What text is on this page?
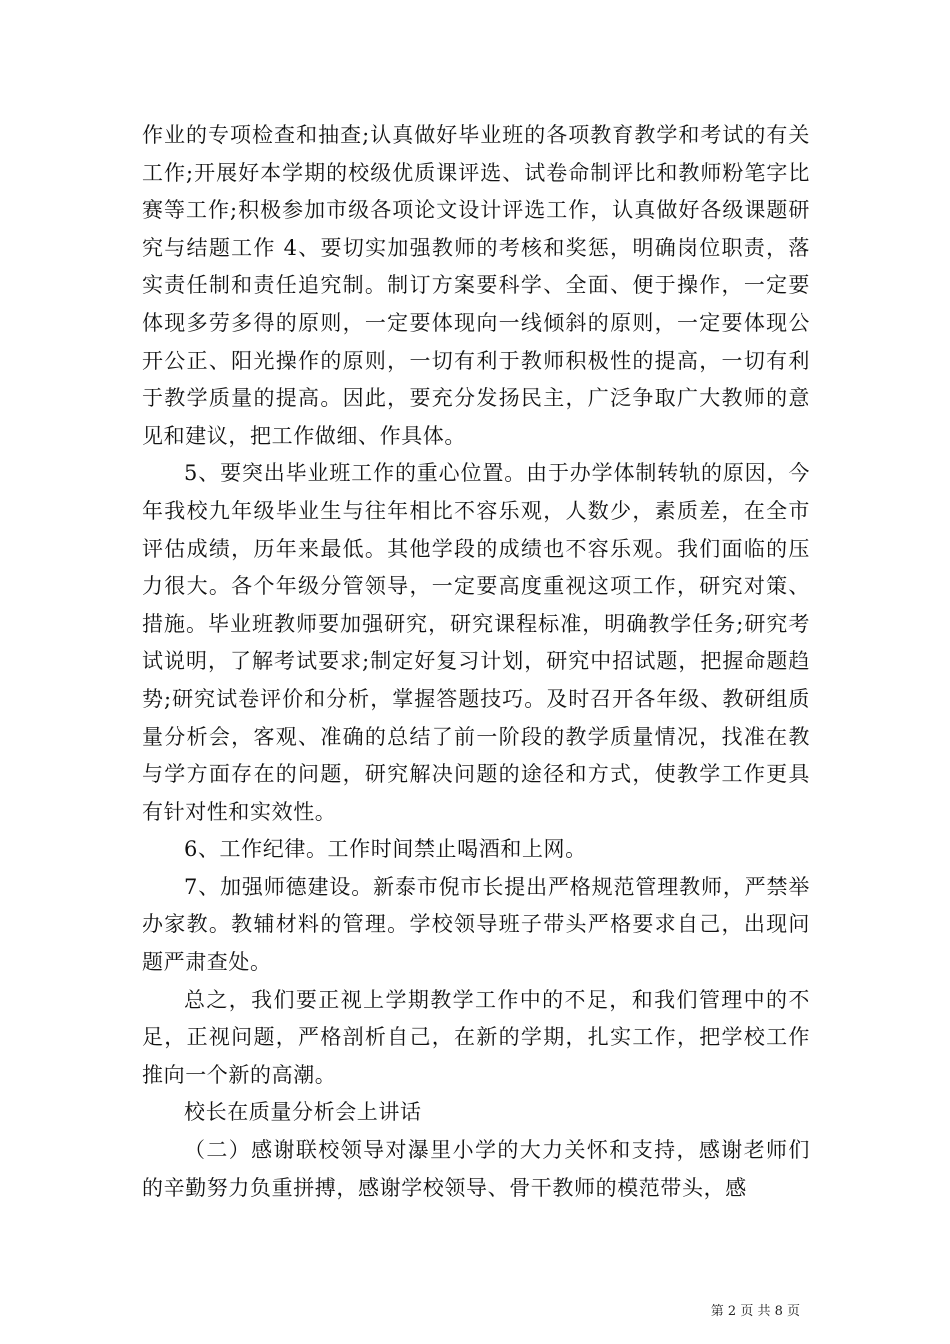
作业的专项检查和抽查;认真做好毕业班的各项教育教学和考试的有关工作;开展好本学期的校级优质课评选、试卷命制评比和教师粉笔字比赛等工作;积极参加市级各项论文设计评选工作，认真做好各级课题研究与结题工作 4、要切实加强教师的考核和奖惩，明确岗位职责，落实责任制和责任追究制。制订方案要科学、全面、便于操作，一定要体现多劳多得的原则，一定要体现向一线倾斜的原则，一定要体现公开公正、阳光操作的原则，一切有利于教师积极性的提高，一切有利于教学质量的提高。因此，要充分发扬民主，广泛争取广大教师的意见和建议，把工作做细、作具体。

5、要突出毕业班工作的重心位置。由于办学体制转轨的原因，今年我校九年级毕业生与往年相比不容乐观，人数少，素质差，在全市评估成绩，历年来最低。其他学段的成绩也不容乐观。我们面临的压力很大。各个年级分管领导，一定要高度重视这项工作，研究对策、措施。毕业班教师要加强研究，研究课程标准，明确教学任务;研究考试说明，了解考试要求;制定好复习计划，研究中招试题，把握命题趋势;研究试卷评价和分析，掌握答题技巧。及时召开各年级、教研组质量分析会，客观、准确的总结了前一阶段的教学质量情况，找准在教与学方面存在的问题，研究解决问题的途径和方式，使教学工作更具有针对性和实效性。

6、工作纪律。工作时间禁止喝酒和上网。

7、加强师德建设。新泰市倪市长提出严格规范管理教师，严禁举办家教。教辅材料的管理。学校领导班子带头严格要求自己，出现问题严肃查处。

总之，我们要正视上学期教学工作中的不足，和我们管理中的不足，正视问题，严格剖析自己，在新的学期，扎实工作，把学校工作推向一个新的高潮。

校长在质量分析会上讲话

（二）感谢联校领导对瀑里小学的大力关怀和支持，感谢老师们的辛勤努力负重拼搏，感谢学校领导、骨干教师的模范带头，感

第 2 页 共 8 页
